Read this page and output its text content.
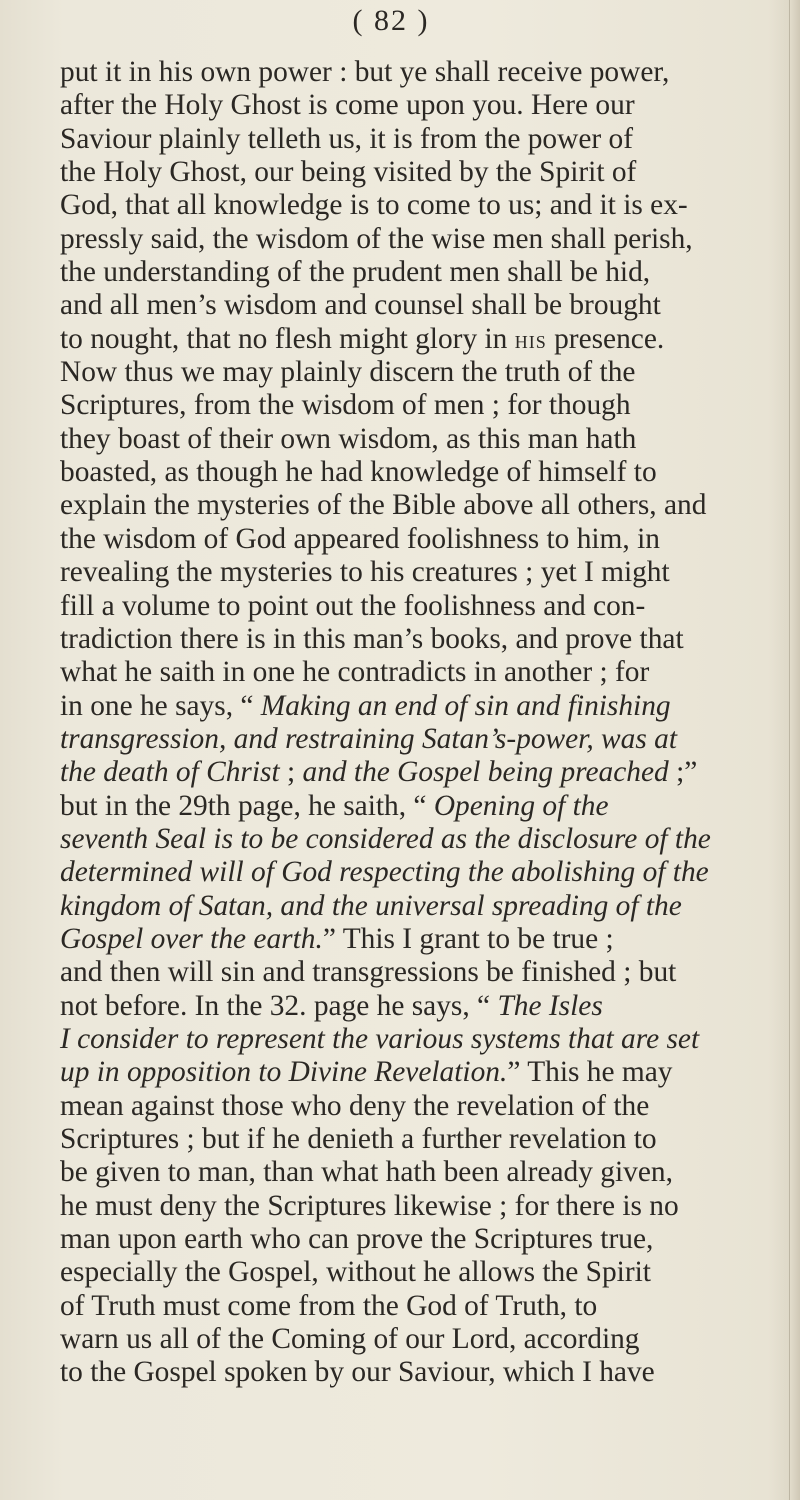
( 82 )
put it in his own power : but ye shall receive power,
after the Holy Ghost is come upon you. Here our
Saviour plainly telleth us, it is from the power of
the Holy Ghost, our being visited by the Spirit of
God, that all knowledge is to come to us; and it is ex-
pressly said, the wisdom of the wise men shall perish,
the understanding of the prudent men shall be hid,
and all men’s wisdom and counsel shall be brought
to nought, that no flesh might glory in his presence.
Now thus we may plainly discern the truth of the
Scriptures, from the wisdom of men ; for though
they boast of their own wisdom, as this man hath
boasted, as though he had knowledge of himself to
explain the mysteries of the Bible above all others, and
the wisdom of God appeared foolishness to him, in
revealing the mysteries to his creatures ; yet I might
fill a volume to point out the foolishness and con-
tradiction there is in this man’s books, and prove that
what he saith in one he contradicts in another ; for
in one he says, “ Making an end of sin and finishing
transgression, and restraining Satan’s-power, was at
the death of Christ ; and the Gospel being preached ;”
but in the 29th page, he saith, “ Opening of the
seventh Seal is to be considered as the disclosure of the
determined will of God respecting the abolishing of the
kingdom of Satan, and the universal spreading of the
Gospel over the earth.” This I grant to be true ;
and then will sin and transgressions be finished ; but
not before. In the 32. page he says, “ The Isles
I consider to represent the various systems that are set
up in opposition to Divine Revelation.” This he may
mean against those who deny the revelation of the
Scriptures ; but if he denieth a further revelation to
be given to man, than what hath been already given,
he must deny the Scriptures likewise ; for there is no
man upon earth who can prove the Scriptures true,
especially the Gospel, without he allows the Spirit
of Truth must come from the God of Truth, to
warn us all of the Coming of our Lord, according
to the Gospel spoken by our Saviour, which I have
